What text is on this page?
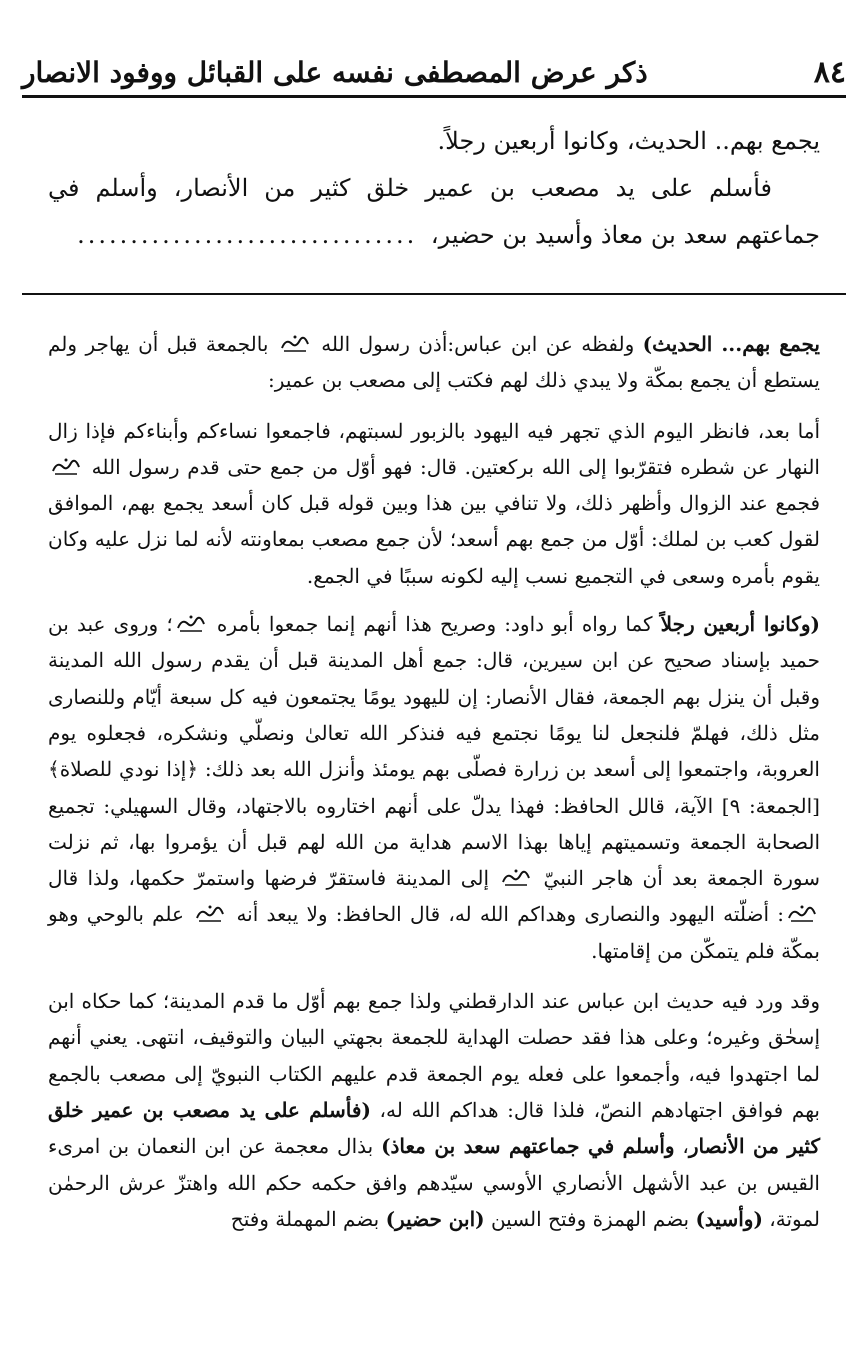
٨٤
ذكر عرض المصطفى نفسه على القبائل ووفود الانصار
يجمع بهم.. الحديث، وكانوا أربعين رجلاً.
فأسلم على يد مصعب بن عمير خلق كثير من الأنصار، وأسلم في
جماعتهم سعد بن معاذ وأسيد بن حضير، ................................

يجمع بهم... الحديث) ولفظه عن ابن عباس:أذن رسول الله
بالجمعة قبل أن يهاجر ولم يستطع أن يجمع بمكّة ولا يبدي ذلك لهم فكتب إلى مصعب بن عمير:

أما بعد، فانظر اليوم الذي تجهر فيه اليهود بالزبور لسبتهم، فاجمعوا نساءكم وأبناءكم فإذا زال النهار عن شطره فتقرّبوا إلى الله بركعتين. قال: فهو أوّل من جمع حتى قدم رسول الله
فجمع عند الزوال وأظهر ذلك، ولا تنافي بين هذا وبين قوله قبل كان أسعد يجمع بهم، الموافق لقول كعب بن لملك: أوّل من جمع بهم أسعد؛ لأن جمع مصعب بمعاونته لأنه لما نزل عليه وكان يقوم بأمره وسعى في التجميع نسب إليه لكونه سببًا في الجمع.

(وكانوا أربعين رجلاً كما رواه أبو داود: وصريح هذا أنهم إنما جمعوا بأمره
؛ وروى عبد بن حميد بإسناد صحيح عن ابن سيرين، قال: جمع أهل المدينة قبل أن يقدم رسول الله المدينة وقبل أن ينزل بهم الجمعة، فقال الأنصار: إن لليهود يومًا يجتمعون فيه كل سبعة أيّام وللنصارى مثل ذلك، فهلمّ فلنجعل لنا يومًا نجتمع فيه فنذكر الله تعالىٰ ونصلّي ونشكره، فجعلوه يوم العروبة، واجتمعوا إلى أسعد بن زرارة فصلّى بهم يومئذ وأنزل الله بعد ذلك: ﴿إذا نودي للصلاة﴾ [الجمعة: ٩] الآية، قالل الحافظ: فهذا يدلّ على أنهم اختاروه بالاجتهاد، وقال السهيلي: تجميع الصحابة الجمعة وتسميتهم إياها بهذا الاسم هداية من الله لهم قبل أن يؤمروا بها، ثم نزلت سورة الجمعة بعد أن هاجر النبيّ
إلى المدينة فاستقرّ فرضها واستمرّ حكمها، ولذا قال
: أضلّته اليهود والنصارى وهداكم الله له، قال الحافظ: ولا يبعد أنه
علم بالوحي وهو بمكّة فلم يتمكّن من إقامتها.

وقد ورد فيه حديث ابن عباس عند الدارقطني ولذا جمع بهم أوّل ما قدم المدينة؛ كما حكاه ابن إسحٰق وغيره؛ وعلى هذا فقد حصلت الهداية للجمعة بجهتي البيان والتوقيف، انتهى. يعني أنهم لما اجتهدوا فيه، وأجمعوا على فعله يوم الجمعة قدم عليهم الكتاب النبويّ إلى مصعب بالجمع بهم فوافق اجتهادهم النصّ، فلذا قال: هداكم الله له، (فأسلم على يد مصعب بن عمير خلق كثير من الأنصار، وأسلم في جماعتهم سعد بن معاذ) بذال معجمة عن ابن النعمان بن امرىء القيس بن عبد الأشهل الأنصاري الأوسي سيّدهم وافق حكمه حكم الله واهتزّ عرش الرحمٰن لموتة، (وأسيد) بضم الهمزة وفتح السين (ابن حضير) بضم المهملة وفتح
